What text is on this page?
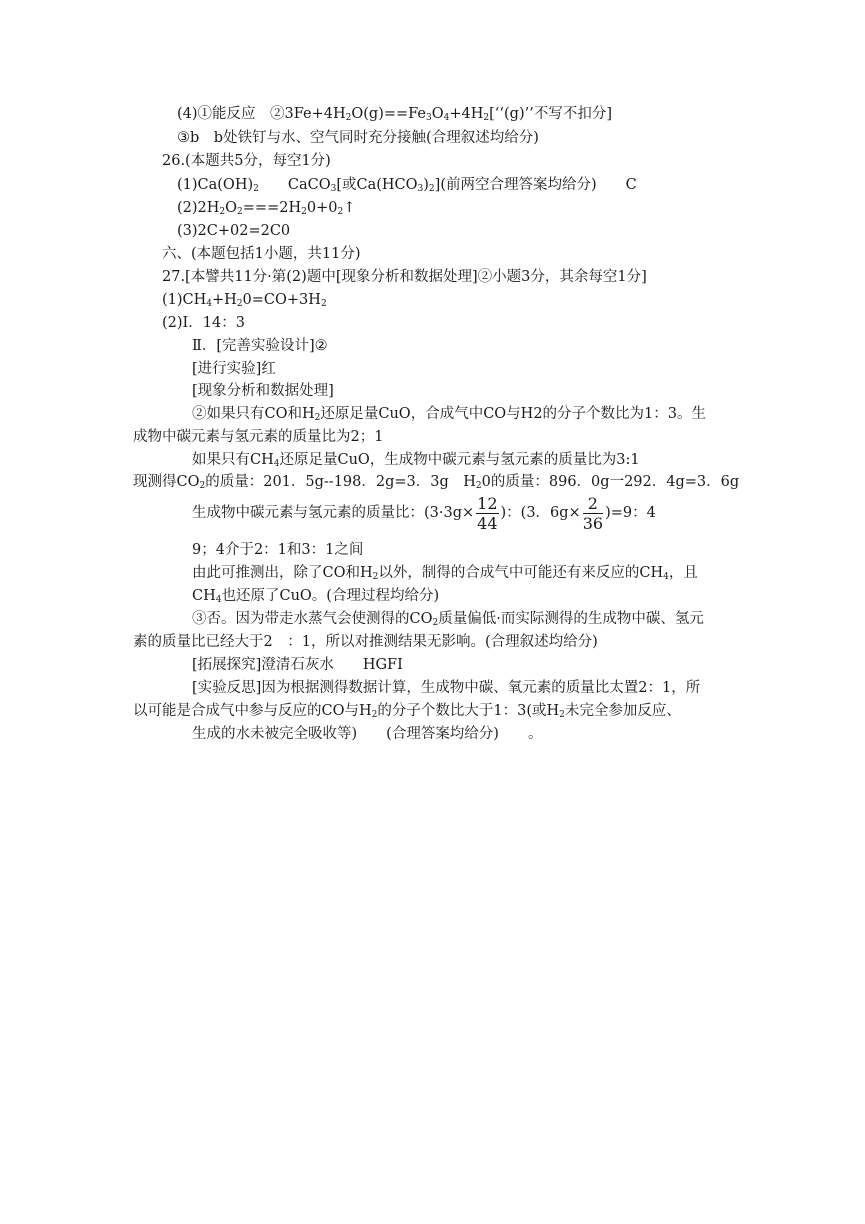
(4)①能反应　$②3Fe+4H_2O(g)==Fe_3O_4+4H_2[‘‘(g)$’’不写不扣分]
③b　b处铁钉与水、空气同时充分接触(合理叙述均给分)
26.(本题共5分，每空1分)
$(1)Ca(OH)_2$　　CaCO$_3$[或$Ca(HCO_3)_2$](前两空合理答案均给分)　　C
$(2)2H_2O_2===2H_20+0_2↑$
(3)2C+02=2C0
六、(本题包括1小题，共11分)
27.[本譬共11分·第(2)题中[现象分析和数据处理]②小题3分，其余每空1分]
$(1)CH_4+H_20=CO+3H_2$
(2)I．14：3
Ⅱ．[完善实验设计]②
[进行实验]红
[现象分析和数据处理]
②如果只有CO和$H_2$还原足量CuO，合成气中CO与H2的分子个数比为1：3。生
成物中碳元素与氢元素的质量比为2；1
如果只有$CH_4$还原足量CuO，生成物中碳元素与氢元素的质量比为3:1
现测得$CO_2$的质量：201．5g--198．2g=3．3g　$H_20$的质量：896．0g一292．4g=3．6g
生成物中碳元素与氢元素的质量比：($3\cdot 3g\times \frac{12}{44}$ )：(3．$6g\times \frac{2}{36} )=9$：4
9；4介于2：1和3：1之间
由此可推测出，除了CO和$H_2$以外，制得的合成气中可能还有来反应的$CH_4$，且
$CH_4$也还原了CuO。(合理过程均给分)
③否。因为带走水蒸气会使测得的$CO_2$质量偏低·而实际测得的生成物中碳、氢元
素的质量比已经大于2　：1，所以对推测结果无影响。(合理叙述均给分)
[拓展探究]澄清石灰水　　HGFI
[实验反思]因为根据测得数据计算，生成物中碳、氧元素的质量比太置2：1，所
以可能是合成气中参与反应的CO与$H_2$的分子个数比大于1：3(或$H_2$未完全参加反应、
生成的水未被完全吸收等)　　(合理答案均给分)　　。
